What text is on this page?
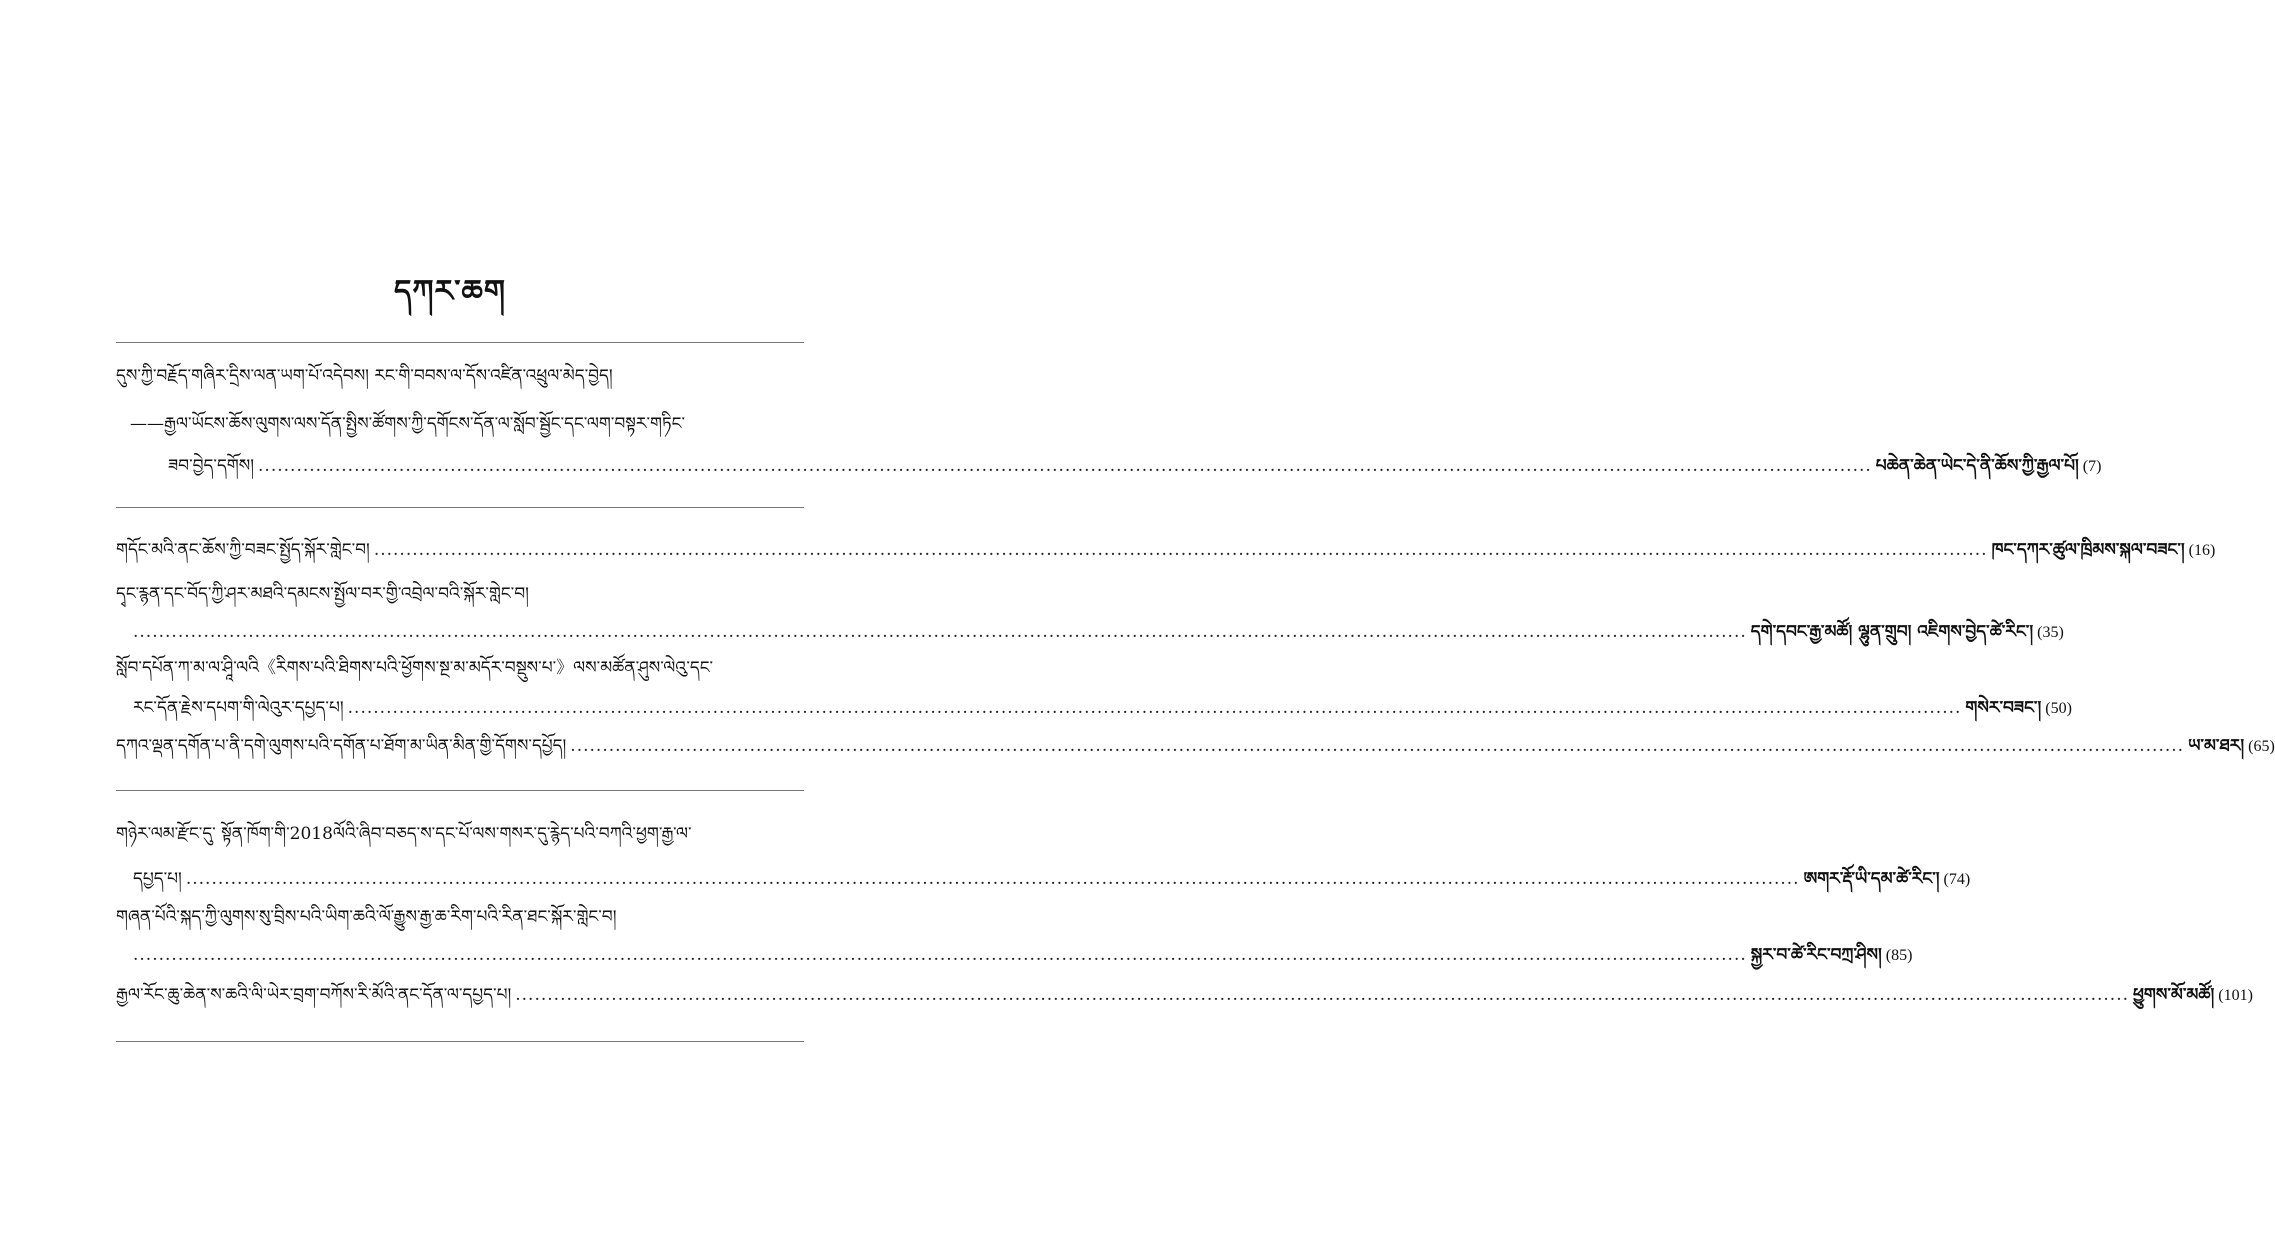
དཀར་ཆག
དུས་ཀྱི་བརྗོད་གཞིར་དྲིས་ལན་ཡག་པོ་འདེབས། རང་གི་བབས་ལ་དོས་འཛིན་འཕྲུལ་མེད་བྱེད།
——རྒྱལ་ཡོངས་ཆོས་ལུགས་ལས་དོན་སྤྱིས་ཚོགས་ཀྱི་དགོངས་དོན་ལ་སློབ་སྦྱོང་དང་ལག་བསྟར་གཏིང་
ཟབ་བྱེད་དགོས། ............................................................................................................................................................................................................................................................ པཆེན་ཆེན་ཡེང་དེ་ནི་ཆོས་ཀྱི་རྒྱལ་པོ། (7)
གདོང་མའི་ནང་ཆོས་ཀྱི་བཟང་སྤྱོད་སྐོར་གླེང་བ། ............................................................................................................................................................................................................................................................ ཁང་དཀར་ཚུལ་ཁྲིམས་སྐལ་བཟང་། (16)
དྭང་རྙན་དང་བོད་ཀྱི་ཤར་མཐའི་དམངས་སྤྱོལ་བར་གྱི་འབྲེལ་བའི་སྐོར་གླེང་བ།
............................................................................................................................................................................................................................................................ དགེ་དབང་རྒྱ་མཚོ། ལྷུན་གྲུབ། འཇིགས་བྱེད་ཚེ་རིང་། (35)
སློབ་དཔོན་ཀ་མ་ལ་ཤཱི་ལའི《རིགས་པའི་ཐིགས་པའི་ཕྱོགས་སྔ་མ་མདོར་བསྡུས་པ་》ལས་མཚོན་ཤུས་ལེའུ་དང་
རང་དོན་རྗེས་དཔག་གི་ལེའུར་དཔྱད་པ། ............................................................................................................................................................................................................................................................ གསེར་བཟང་། (50)
དཀའ་ལྡན་དགོན་པ་ནི་དགེ་ལུགས་པའི་དགོན་པ་ཐོག་མ་ཡིན་མིན་གྱི་དོགས་དཔྱོད། ............................................................................................................................................................................................................................................................ ཡ་མ་ཐར། (65)
གཉེར་ལམ་རྫོང་དུ་ སྟོན་ཁོག་གི་2018ལོའི་ཞིབ་བཅད་ས་དང་པོ་ལས་གསར་དུ་རྙེད་པའི་བཀའི་ཕྱག་རྒྱ་ལ་
དཔྱད་པ། ............................................................................................................................................................................................................................................................ ཨགར་རྡོ་ཡི་དམ་ཚེ་རིང་། (74)
གཞན་པོའི་སྐད་ཀྱི་ལུགས་སུ་བྲིས་པའི་ཡིག་ཆའི་ལོ་རྒྱུས་རྒྱ་ཆ་རིག་པའི་རིན་ཐང་སྐོར་གླེང་བ།
............................................................................................................................................................................................................................................................ སྐྱར་བ་ཚེ་རིང་བཀྲ་ཤིས། (85)
རྒྱལ་རོང་ཆུ་ཆེན་ས་ཆའི་ལི་ཡེར་བྲག་བཀོས་རི་མོའི་ནང་དོན་ལ་དཔྱད་པ། ............................................................................................................................................................................................................................................................ ཕྱུགས་མོ་མཚོ། (101)
